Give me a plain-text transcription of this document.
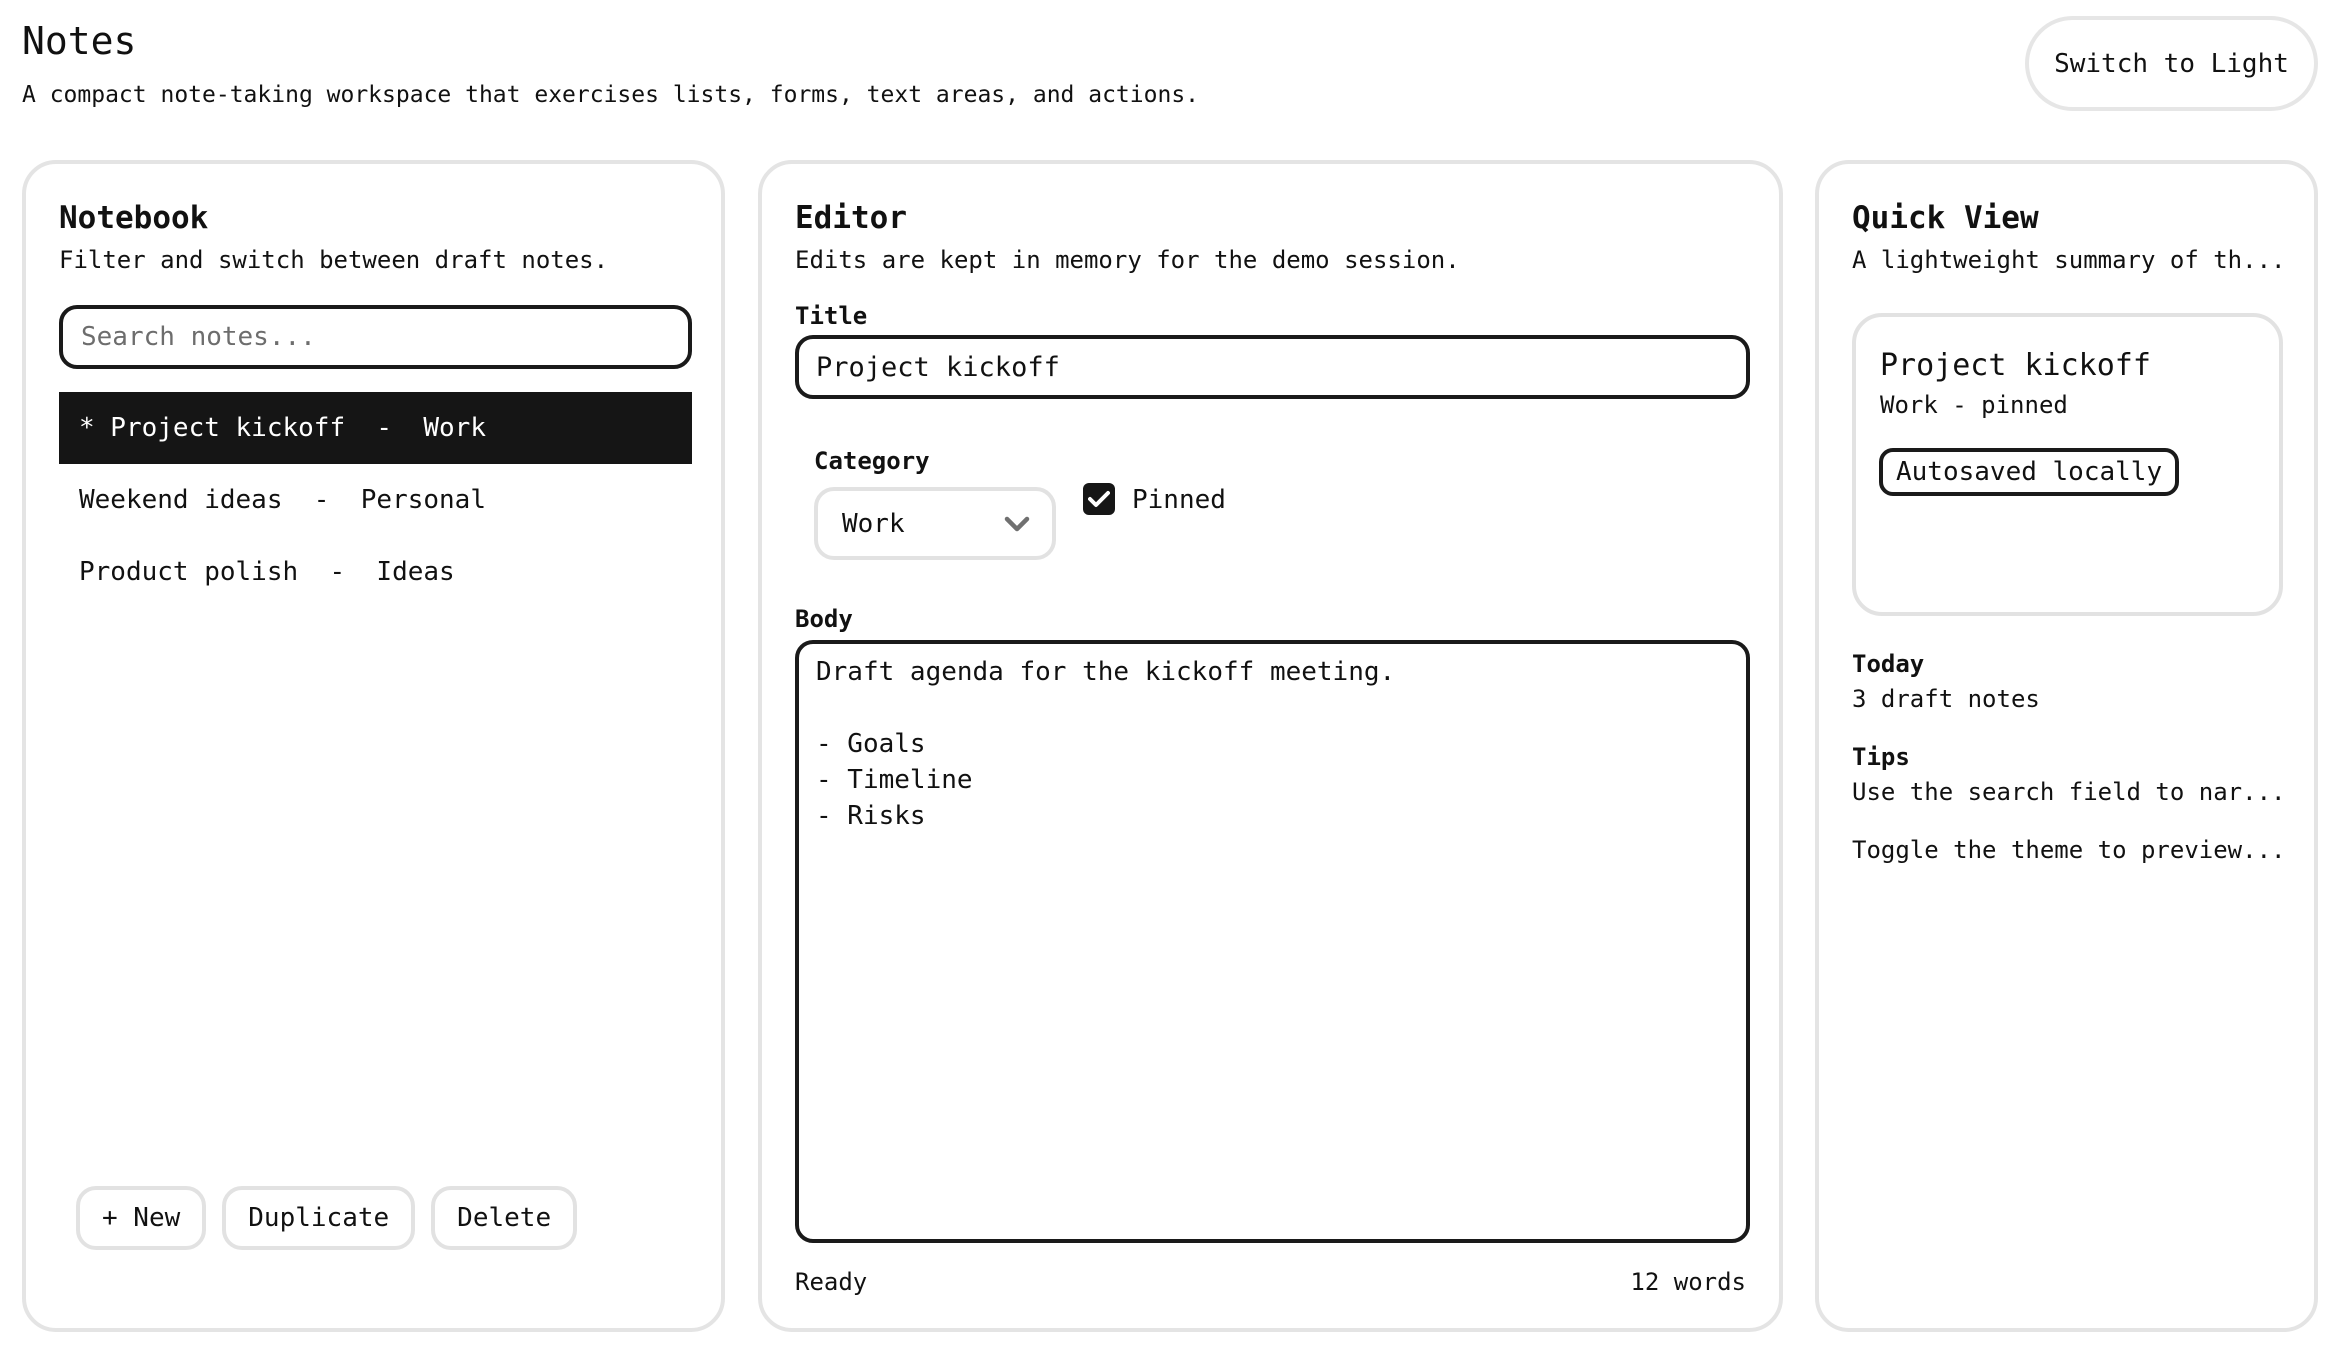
Notes

A compact note-taking workspace that exercises lists, forms, text areas, and actions.

Switch to Light
Notebook

Filter and switch between draft notes.

Search notes...
* Project kickoff  -  Work
Weekend ideas  -  Personal
Product polish  -  Ideas
+ New	Duplicate	Delete
Editor

Edits are kept in memory for the demo session.

Title
Project kickoff
Category
Work
Pinned
Body
Draft agenda for the kickoff meeting. - Goals - Timeline - Risks
Ready	12 words
Quick View

A lightweight summary of th...

Project kickoff
Work - pinned
Autosaved locally
Today
3 draft notes
Tips
Use the search field to nar...
Toggle the theme to preview...
